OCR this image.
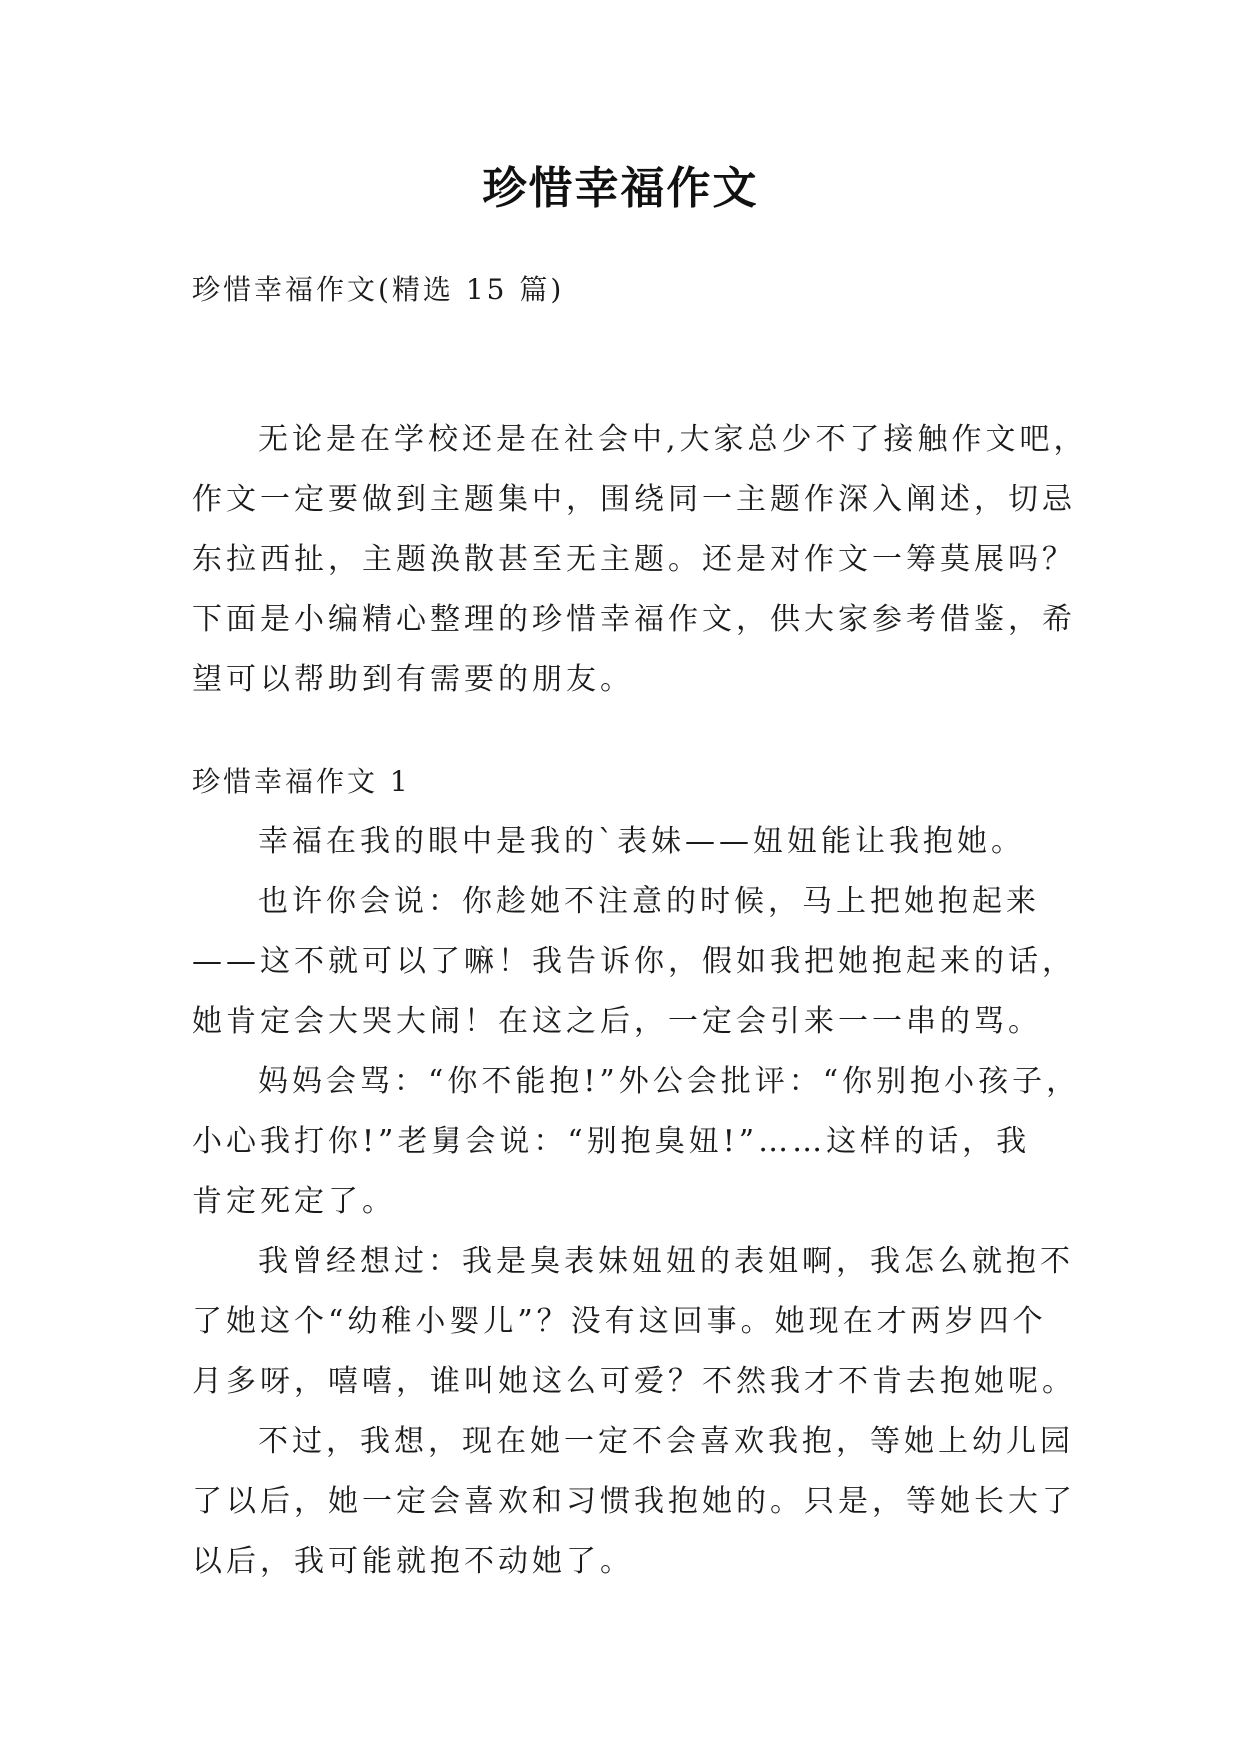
珍惜幸福作文
珍惜幸福作文(精选 15 篇)
无论是在学校还是在社会中,大家总少不了接触作文吧，
作文一定要做到主题集中，围绕同一主题作深入阐述，切忌
东拉西扯，主题涣散甚至无主题。还是对作文一筹莫展吗？
下面是小编精心整理的珍惜幸福作文，供大家参考借鉴，希
望可以帮助到有需要的朋友。
珍惜幸福作文 1
幸福在我的眼中是我的`表妹——妞妞能让我抱她。
也许你会说：你趁她不注意的时候，马上把她抱起来
——这不就可以了嘛！我告诉你，假如我把她抱起来的话，
她肯定会大哭大闹！在这之后，一定会引来一一串的骂。
妈妈会骂：“你不能抱!”外公会批评：“你别抱小孩子，
小心我打你!”老舅会说：“别抱臭妞!”……这样的话，我
肯定死定了。
我曾经想过：我是臭表妹妞妞的表姐啊，我怎么就抱不
了她这个“幼稚小婴儿”？没有这回事。她现在才两岁四个
月多呀，嘻嘻，谁叫她这么可爱？不然我才不肯去抱她呢。
不过，我想，现在她一定不会喜欢我抱，等她上幼儿园
了以后，她一定会喜欢和习惯我抱她的。只是，等她长大了
以后，我可能就抱不动她了。
